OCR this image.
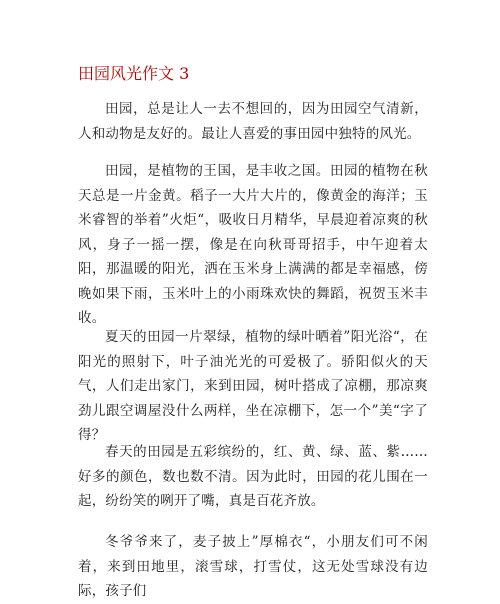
田园风光作文 3

田园，总是让人一去不想回的，因为田园空气清新，人和动物是友好的。最让人喜爱的事田园中独特的风光。

田园，是植物的王国，是丰收之国。田园的植物在秋天总是一片金黄。稻子一大片大片的，像黄金的海洋；玉米睿智的举着”火炬“，吸收日月精华，早晨迎着凉爽的秋风，身子一摇一摆，像是在向秋哥哥招手，中午迎着太阳，那温暖的阳光，洒在玉米身上满满的都是幸福感，傍晚如果下雨，玉米叶上的小雨珠欢快的舞蹈，祝贺玉米丰收。

夏天的田园一片翠绿，植物的绿叶晒着”阳光浴“，在阳光的照射下，叶子油光光的可爱极了。骄阳似火的天气，人们走出家门，来到田园，树叶搭成了凉棚，那凉爽劲儿跟空调屋没什么两样，坐在凉棚下，怎一个”美“字了得？

春天的田园是五彩缤纷的，红、黄、绿、蓝、紫……好多的颜色，数也数不清。因为此时，田园的花儿围在一起，纷纷笑的咧开了嘴，真是百花齐放。

冬爷爷来了，麦子披上”厚棉衣“，小朋友们可不闲着，来到田地里，滚雪球，打雪仗，这无处雪球没有边际，孩子们
